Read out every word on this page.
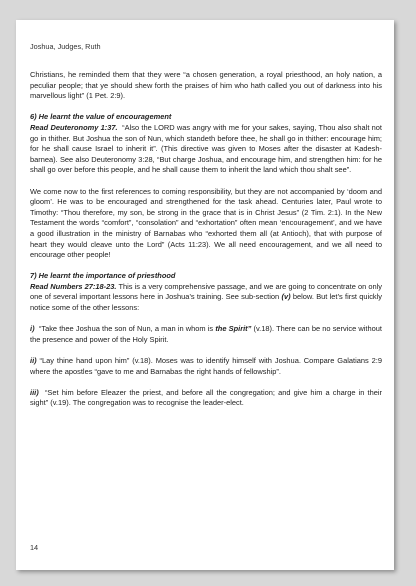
Joshua, Judges, Ruth

Christians, he reminded them that they were “a chosen generation, a royal priesthood, an holy nation, a peculiar people; that ye should shew forth the praises of him who hath called you out of darkness into his marvellous light” (1 Pet. 2:9).

6) He learnt the value of encouragement

Read Deuteronomy 1:37. “Also the LORD was angry with me for your sakes, saying, Thou also shalt not go in thither. But Joshua the son of Nun, which standeth before thee, he shall go in thither: encourage him; for he shall cause Israel to inherit it”. (This directive was given to Moses after the disaster at Kadesh-barnea). See also Deuteronomy 3:28, “But charge Joshua, and encourage him, and strengthen him: for he shall go over before this people, and he shall cause them to inherit the land which thou shalt see”.

We come now to the first references to coming responsibility, but they are not accompanied by ‘doom and gloom’. He was to be encouraged and strengthened for the task ahead. Centuries later, Paul wrote to Timothy: “Thou therefore, my son, be strong in the grace that is in Christ Jesus” (2 Tim. 2:1). In the New Testament the words “comfort”, “consolation” and “exhortation” often mean ‘encouragement’, and we have a good illustration in the ministry of Barnabas who “exhorted them all (at Antioch), that with purpose of heart they would cleave unto the Lord” (Acts 11:23). We all need encouragement, and we all need to encourage other people!

7) He learnt the importance of priesthood

Read Numbers 27:18-23. This is a very comprehensive passage, and we are going to concentrate on only one of several important lessons here in Joshua’s training. See sub-section (v) below. But let’s first quickly notice some of the other lessons:

i) “Take thee Joshua the son of Nun, a man in whom is the Spirit” (v.18). There can be no service without the presence and power of the Holy Spirit.

ii) “Lay thine hand upon him” (v.18). Moses was to identify himself with Joshua. Compare Galatians 2:9 where the apostles “gave to me and Barnabas the right hands of fellowship”.

iii) “Set him before Eleazer the priest, and before all the congregation; and give him a charge in their sight” (v.19). The congregation was to recognise the leader-elect.

14
